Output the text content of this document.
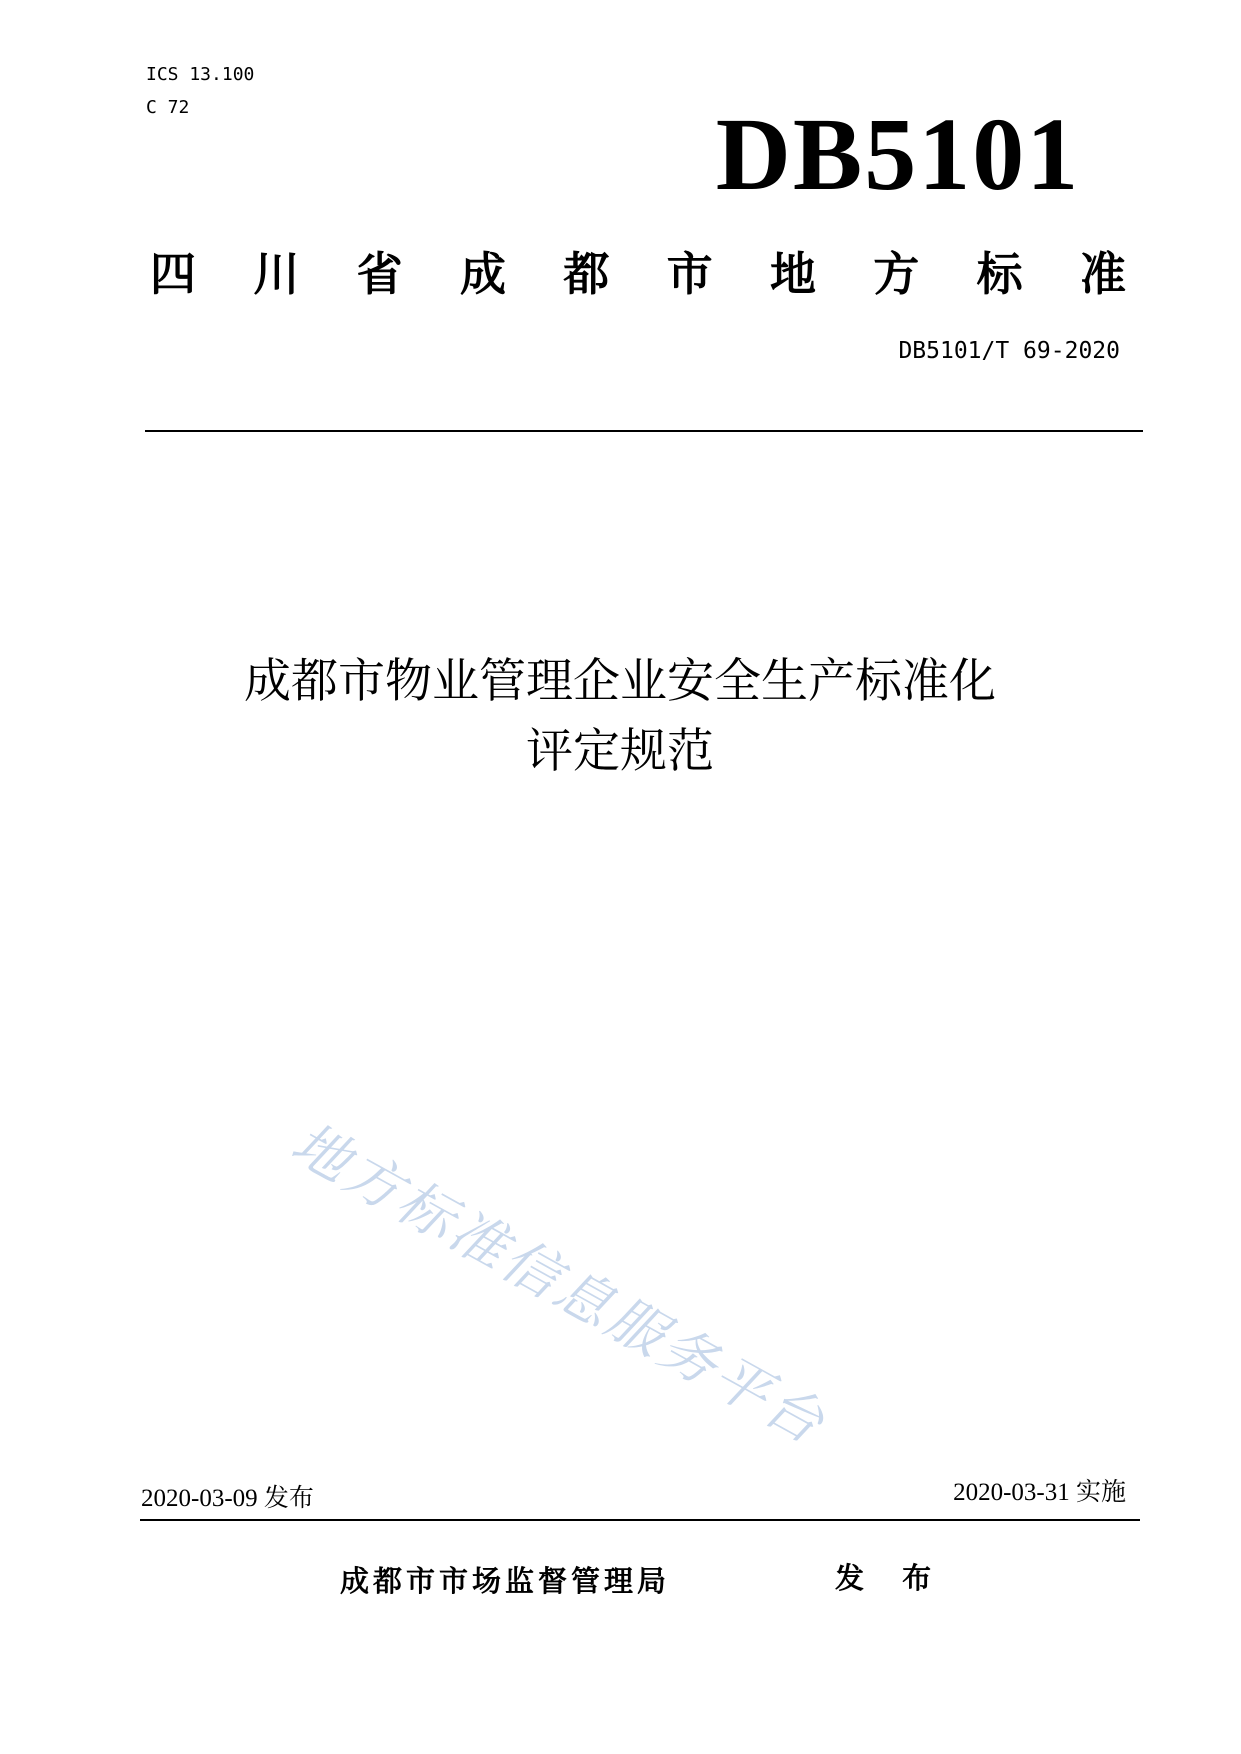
ICS 13.100
C 72	DB5101
四 川 省 成 都 市 地 方 标 准
DB5101/T 69-2020
成都市物业管理企业安全生产标准化
评定规范
地方标准信息服务平台
2020-03-09 发布	2020-03-31 实施
成都市市场监督管理局	发 布
